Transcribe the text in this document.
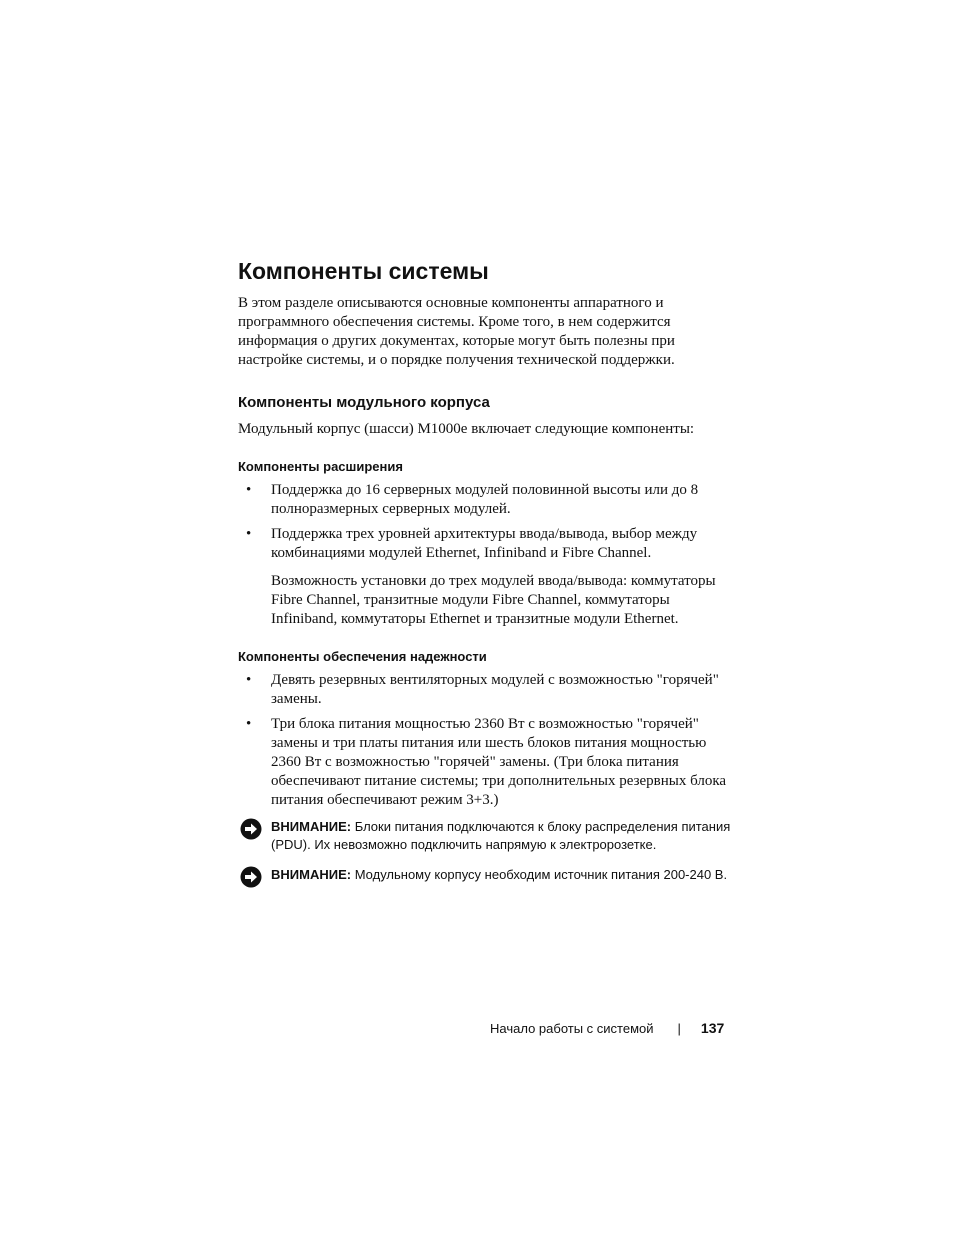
Компоненты системы

В этом разделе описываются основные компоненты аппаратного и программного обеспечения системы. Кроме того, в нем содержится информация о других документах, которые могут быть полезны при настройке системы, и о порядке получения технической поддержки.

Компоненты модульного корпуса

Модульный корпус (шасси) M1000e включает следующие компоненты:

Компоненты расширения
• Поддержка до 16 серверных модулей половинной высоты или до 8 полноразмерных серверных модулей.
• Поддержка трех уровней архитектуры ввода/вывода, выбор между комбинациями модулей Ethernet, Infiniband и Fibre Channel.

Возможность установки до трех модулей ввода/вывода: коммутаторы Fibre Channel, транзитные модули Fibre Channel, коммутаторы Infiniband, коммутаторы Ethernet и транзитные модули Ethernet.

Компоненты обеспечения надежности
• Девять резервных вентиляторных модулей с возможностью "горячей" замены.
• Три блока питания мощностью 2360 Вт с возможностью "горячей" замены и три платы питания или шесть блоков питания мощностью 2360 Вт с возможностью "горячей" замены. (Три блока питания обеспечивают питание системы; три дополнительных резервных блока питания обеспечивают режим 3+3.)
ВНИМАНИЕ: Блоки питания подключаются к блоку распределения питания (PDU). Их невозможно подключить напрямую к электророзетке.
ВНИМАНИЕ: Модульному корпусу необходим источник питания 200-240 В.
Начало работы с системой | 137
